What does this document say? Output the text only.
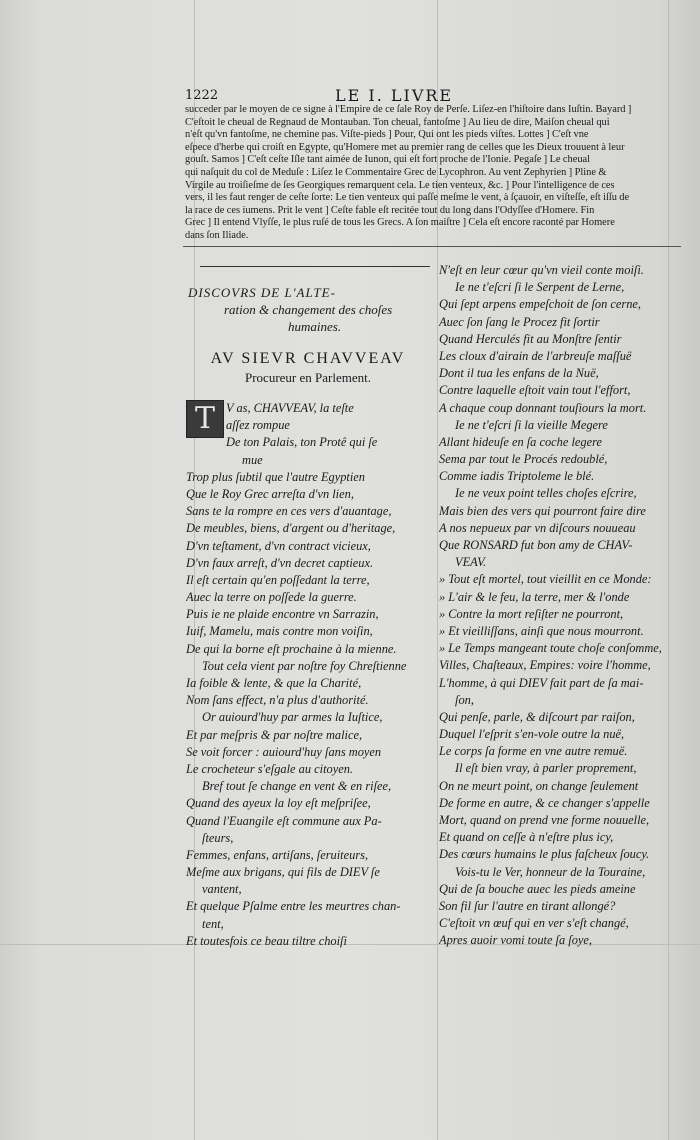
1222	LE I. LIVRE
succeder par le moyen de ce signe à l'Empire de ce ſale Roy de Perſe. Liſez-en l'hiſtoire dans Iuſtin. Bayard ]
C'eſtoit le cheual de Regnaud de Montauban. Ton cheual, fantoſme ] Au lieu de dire, Maiſon cheual qui
n'eſt qu'vn fantoſme, ne chemine pas. Viſte-pieds ] Pour, Qui ont les pieds viſtes. Lottes ] C'eſt vne
eſpece d'herbe qui croiſt en Egypte, qu'Homere met au premier rang de celles que les Dieux trouuent à leur
gouſt. Samos ] C'eſt ceſte Iſle tant aimée de Iunon, qui eſt fort proche de l'Ionie. Pegaſe ] Le cheual
qui naſquit du col de Meduſe : Liſez le Commentaire Grec de Lycophron. Au vent Zephyrien ] Pline &
Virgile au troiſieſme de ſes Georgiques remarquent cela. Le tien venteux, &c. ] Pour l'intelligence de ces
vers, il les faut renger de ceſte ſorte: Le tien venteux qui paſſe meſme le vent, à ſçauoir, en viſteſſe, eſt iſſu de
la race de ces iumens. Prit le vent ] Ceſte fable eſt recitée tout du long dans l'Odyſſee d'Homere. Fin
Grec ] Il entend Vlyſſe, le plus ruſé de tous les Grecs. A ſon maiſtre ] Cela eſt encore raconté par Homere
dans ſon Iliade.
DISCOVRS DE L'ALTE-
ration & changement des choſes
humaines.
AV SIEVR CHAVVEAV
Procureur en Parlement.
T V as, CHAVVEAV, la teſte
aſſez rompue
De ton Palais, ton Protê qui ſe
mue
Trop plus ſubtil que l'autre Egyptien
Que le Roy Grec arreſta d'vn lien,
Sans te la rompre en ces vers d'auantage,
De meubles, biens, d'argent ou d'heritage,
D'vn teſtament, d'vn contract vicieux,
D'vn faux arreſt, d'vn decret captieux.
Il eſt certain qu'en poſſedant la terre,
Auec la terre on poſſede la guerre.
Puis ie ne plaide encontre vn Sarrazin,
Iuif, Mamelu, mais contre mon voiſin,
De qui la borne eſt prochaine à la mienne.
Tout cela vient par noſtre foy Chreſtienne
Ia foible & lente, & que la Charité,
Nom ſans effect, n'a plus d'authorité.
Or auiourd'huy par armes la Iuſtice,
Et par meſpris & par noſtre malice,
Se voit forcer : auiourd'huy ſans moyen
Le crocheteur s'eſgale au citoyen.
Bref tout ſe change en vent & en riſee,
Quand des ayeux la loy eſt meſpriſee,
Quand l'Euangile eſt commune aux Pa-
ſteurs,
Femmes, enfans, artiſans, ſeruiteurs,
Meſme aux brigans, qui fils de DIEV ſe
vantent,
Et quelque Pſalme entre les meurtres chan-
tent,
Et toutesfois ce beau tiltre choiſi
N'eſt en leur cœur qu'vn vieil conte moiſi.
Ie ne t'eſcri ſi le Serpent de Lerne,
Qui ſept arpens empeſchoit de ſon cerne,
Auec ſon ſang le Procez fit ſortir
Quand Herculés fit au Monſtre ſentir
Les cloux d'airain de l'arbreuſe maſſuë
Dont il tua les enfans de la Nuë,
Contre laquelle eſtoit vain tout l'effort,
A chaque coup donnant touſiours la mort.
Ie ne t'eſcri ſi la vieille Megere
Allant hideuſe en ſa coche legere
Sema par tout le Procés redoublé,
Comme iadis Triptoleme le blé.
Ie ne veux point telles choſes eſcrire,
Mais bien des vers qui pourront faire dire
A nos nepueux par vn diſcours nouueau
Que RONSARD fut bon amy de CHAV-
VEAV.
» Tout eſt mortel, tout vieillit en ce Monde:
» L'air & le feu, la terre, mer & l'onde
» Contre la mort reſiſter ne pourront,
» Et vieilliſſans, ainſi que nous mourront.
» Le Temps mangeant toute choſe conſomme,
Villes, Chaſteaux, Empires: voire l'homme,
L'homme, à qui DIEV fait part de ſa mai-
ſon,
Qui penſe, parle, & diſcourt par raiſon,
Duquel l'eſprit s'en-vole outre la nuë,
Le corps ſa forme en vne autre remuë.
Il eſt bien vray, à parler proprement,
On ne meurt point, on change ſeulement
De forme en autre, & ce changer s'appelle
Mort, quand on prend vne forme nouuelle,
Et quand on ceſſe à n'eſtre plus icy,
Des cœurs humains le plus faſcheux ſoucy.
Vois-tu le Ver, honneur de la Touraine,
Qui de ſa bouche auec les pieds ameine
Son fil ſur l'autre en tirant allongé?
C'eſtoit vn œuf qui en ver s'eſt changé,
Apres auoir vomi toute ſa ſoye,
